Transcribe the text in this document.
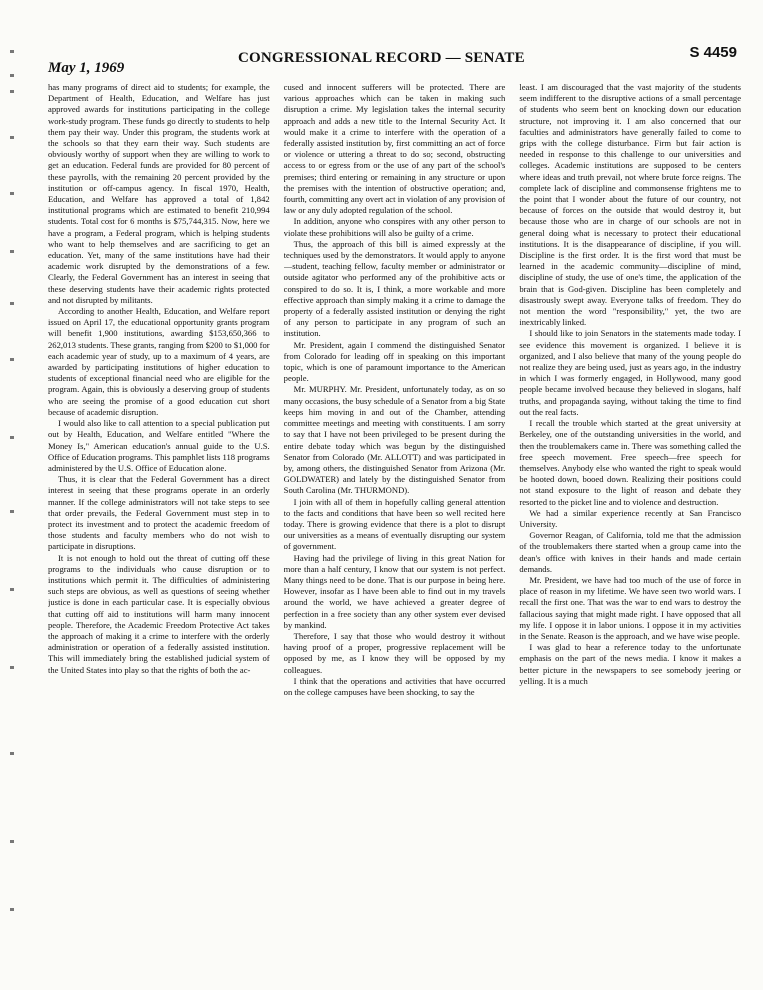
May 1, 1969
CONGRESSIONAL RECORD — SENATE	S 4459

has many programs of direct aid to students; for example, the Department of Health, Education, and Welfare has just approved awards for institutions participating in the college work-study program. These funds go directly to students to help them pay their way. Under this program, the students work at the schools so that they earn their way. Such students are obviously worthy of support when they are willing to work to get an education. Federal funds are provided for 80 percent of these payrolls, with the remaining 20 percent provided by the institution or off-campus agency. In fiscal 1970, Health, Education, and Welfare has approved a total of 1,842 institutional programs which are estimated to benefit 210,994 students. Total cost for 6 months is $75,744,315. Now, here we have a program, a Federal program, which is helping students who want to help themselves and are sacrificing to get an education. Yet, many of the same institutions have had their academic work disrupted by the demonstrations of a few. Clearly, the Federal Government has an interest in seeing that these deserving students have their academic rights protected and not disrupted by militants.

According to another Health, Education, and Welfare report issued on April 17, the educational opportunity grants program will benefit 1,900 institutions, awarding $153,650,366 to 262,013 students. These grants, ranging from $200 to $1,000 for each academic year of study, up to a maximum of 4 years, are awarded by participating institutions of higher education to students of exceptional financial need who are eligible for the program. Again, this is obviously a deserving group of students who are seeing the promise of a good education cut short because of academic disruption.

I would also like to call attention to a special publication put out by Health, Education, and Welfare entitled "Where the Money Is," American education's annual guide to the U.S. Office of Education programs. This pamphlet lists 118 programs administered by the U.S. Office of Education alone.

Thus, it is clear that the Federal Government has a direct interest in seeing that these programs operate in an orderly manner. If the college administrators will not take steps to see that order prevails, the Federal Government must step in to protect its investment and to protect the academic freedom of those students and faculty members who do not wish to participate in disruptions.

It is not enough to hold out the threat of cutting off these programs to the individuals who cause disruption or to institutions which permit it. The difficulties of administering such steps are obvious, as well as questions of seeing whether justice is done in each particular case. It is especially obvious that cutting off aid to institutions will harm many innocent people. Therefore, the Academic Freedom Protective Act takes the approach of making it a crime to interfere with the orderly administration or operation of a federally assisted institution. This will immediately bring the established judicial system of the United States into play so that the rights of both the ac-

cused and innocent sufferers will be protected. There are various approaches which can be taken in making such disruption a crime. My legislation takes the internal security approach and adds a new title to the Internal Security Act. It would make it a crime to interfere with the operation of a federally assisted institution by, first committing an act of force or violence or uttering a threat to do so; second, obstructing access to or egress from or the use of any part of the school's premises; third entering or remaining in any structure or upon the premises with the intention of obstructive operation; and, fourth, committing any overt act in violation of any provision of law or any duly adopted regulation of the school.

In addition, anyone who conspires with any other person to violate these prohibitions will also be guilty of a crime.

Thus, the approach of this bill is aimed expressly at the techniques used by the demonstrators. It would apply to anyone—student, teaching fellow, faculty member or administrator or outside agitator who performed any of the prohibitive acts or conspired to do so. It is, I think, a more workable and more effective approach than simply making it a crime to damage the property of a federally assisted institution or denying the right of any person to participate in any program of such an institution.

Mr. President, again I commend the distinguished Senator from Colorado for leading off in speaking on this important topic, which is one of paramount importance to the American people.

Mr. MURPHY. Mr. President, unfortunately today, as on so many occasions, the busy schedule of a Senator from a big State keeps him moving in and out of the Chamber, attending committee meetings and meeting with constituents. I am sorry to say that I have not been privileged to be present during the entire debate today which was begun by the distinguished Senator from Colorado (Mr. ALLOTT) and was participated in by, among others, the distinguished Senator from Arizona (Mr. GOLDWATER) and lately by the distinguished Senator from South Carolina (Mr. THURMOND).

I join with all of them in hopefully calling general attention to the facts and conditions that have been so well recited here today. There is growing evidence that there is a plot to disrupt our universities as a means of eventually disrupting our system of government.

Having had the privilege of living in this great Nation for more than a half century, I know that our system is not perfect. Many things need to be done. That is our purpose in being here. However, insofar as I have been able to find out in my travels around the world, we have achieved a greater degree of perfection in a free society than any other system ever devised by mankind.

Therefore, I say that those who would destroy it without having proof of a proper, progressive replacement will be opposed by me, as I know they will be opposed by my colleagues.

I think that the operations and activities that have occurred on the college campuses have been shocking, to say the

least. I am discouraged that the vast majority of the students seem indifferent to the disruptive actions of a small percentage of students who seem bent on knocking down our education structure, not improving it. I am also concerned that our faculties and administrators have generally failed to come to grips with the college disturbance. Firm but fair action is needed in response to this challenge to our universities and colleges. Academic institutions are supposed to be centers where ideas and truth prevail, not where brute force reigns. The complete lack of discipline and commonsense frightens me to the point that I wonder about the future of our country, not because of forces on the outside that would destroy it, but because those who are in charge of our schools are not in general doing what is necessary to protect their educational institutions. It is the disappearance of discipline, if you will. Discipline is the first order. It is the first word that must be learned in the academic community—discipline of mind, discipline of study, the use of one's time, the application of the brain that is God-given. Discipline has been completely and disastrously swept away. Everyone talks of freedom. They do not mention the word "responsibility," yet, the two are inextricably linked.

I should like to join Senators in the statements made today. I see evidence this movement is organized. I believe it is organized, and I also believe that many of the young people do not realize they are being used, just as years ago, in the industry in which I was formerly engaged, in Hollywood, many good people became involved because they believed in slogans, half truths, and propaganda saying, without taking the time to find out the real facts.

I recall the trouble which started at the great university at Berkeley, one of the outstanding universities in the world, and then the troublemakers came in. There was something called the free speech movement. Free speech—free speech for themselves. Anybody else who wanted the right to speak would be hooted down, booed down. Realizing their positions could not stand exposure to the light of reason and debate they resorted to the picket line and to violence and destruction.

We had a similar experience recently at San Francisco University.

Governor Reagan, of California, told me that the admission of the troublemakers there started when a group came into the dean's office with knives in their hands and made certain demands.

Mr. President, we have had too much of the use of force in place of reason in my lifetime. We have seen two world wars. I recall the first one. That was the war to end wars to destroy the fallacious saying that might made right. I have opposed that all my life. I oppose it in labor unions. I oppose it in my activities in the Senate. Reason is the approach, and we have wise people.

I was glad to hear a reference today to the unfortunate emphasis on the part of the news media. I know it makes a better picture in the newspapers to see somebody jeering or yelling. It is a much
